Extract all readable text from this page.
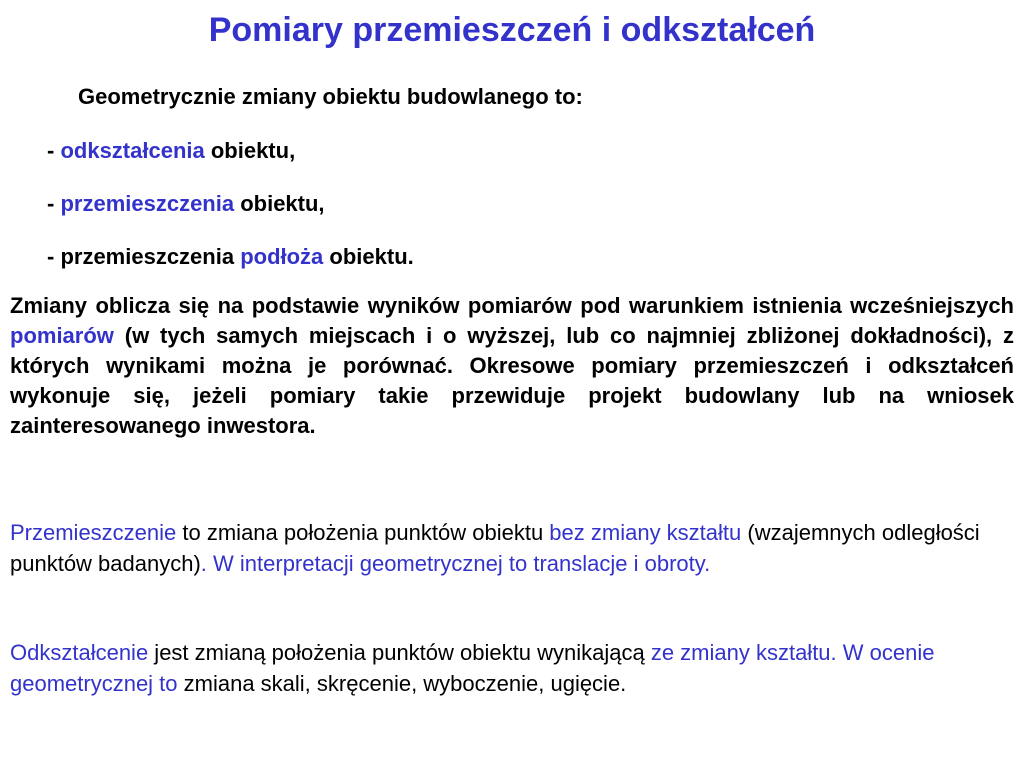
Pomiary przemieszczeń i odkształceń
Geometrycznie zmiany obiektu budowlanego to:
- odkształcenia obiektu,
- przemieszczenia obiektu,
- przemieszczenia podłoża obiektu.
Zmiany oblicza się na podstawie wyników pomiarów pod warunkiem istnienia wcześniejszych pomiarów (w tych samych miejscach i o wyższej, lub co najmniej zbliżonej dokładności), z których wynikami można je porównać. Okresowe pomiary przemieszczeń i odkształceń wykonuje się, jeżeli pomiary takie przewiduje projekt budowlany lub na wniosek zainteresowanego inwestora.
Przemieszczenie to zmiana położenia punktów obiektu bez zmiany kształtu (wzajemnych odległości punktów badanych). W interpretacji geometrycznej to translacje i obroty.
Odkształcenie jest zmianą położenia punktów obiektu wynikającą ze zmiany kształtu. W ocenie geometrycznej to zmiana skali, skręcenie, wyboczenie, ugięcie.
